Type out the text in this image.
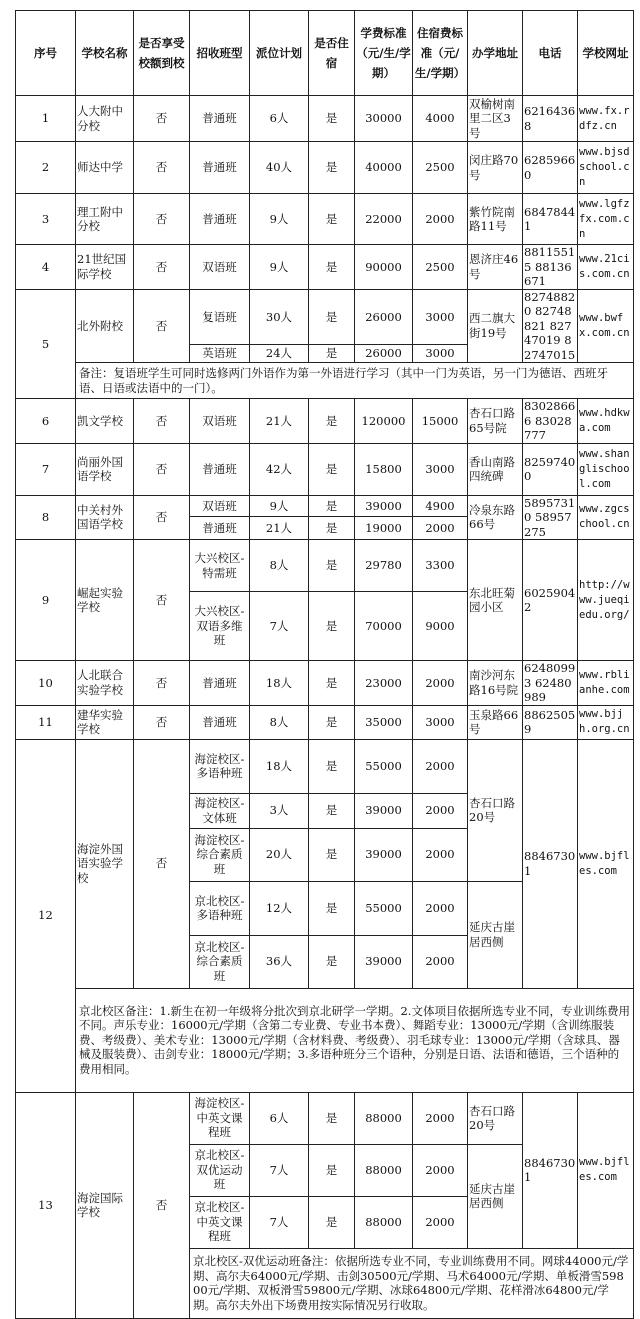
序号	学校名称	是否享受校额到校	招收班型	派位计划	是否住宿	学费标准（元/生/学期）	住宿费标准（元/生/学期）	办学地址	电话	学校网址
1	人大附中分校	否	普通班	6人	是	30000	4000	双榆树南里二区3号	62164368	www.fx.rdfz.cn
2	师达中学	否	普通班	40人	是	40000	2500	闵庄路70号	62859660	www.bjsdschool.cn
3	理工附中分校	否	普通班	9人	是	22000	2000	紫竹院南路11号	68478441	www.lgfzfx.com.cn
4	21世纪国际学校	否	双语班	9人	是	90000	2500	恩济庄46号	88115515 88136671	www.21cis.com.cn
5	北外附校	否	复语班	30人	是	26000	3000	西二旗大街19号	82748820 82748821 82747019 82747015	www.bwfx.com.cn
			英语班	24人	是	26000	3000			
	备注：复语班学生可同时选修两门外语作为第一外语进行学习（其中一门为英语，另一门为德语、西班牙语、日语或法语中的一门）。									
6	凯文学校	否	双语班	21人	是	120000	15000	杏石口路65号院	83028666 83028777	www.hdkwa.com
7	尚丽外国语学校	否	普通班	42人	是	15800	3000	香山南路四统碑	82597400	www.shanglischool.com
8	中关村外国语学校	否	双语班	9人	是	39000	4900	冷泉东路66号	58957310 58957275	www.zgcschool.cn
			普通班	21人	是	19000	2000			
9	崛起实验学校	否	大兴校区-特需班	8人	是	29780	3300	东北旺菊园小区	60259042	http://www.jueqiedu.org/
			大兴校区-双语多维班	7人	是	70000	9000			
10	人北联合实验学校	否	普通班	18人	是	23000	2000	南沙河东路16号院	62480993 62480989	www.rblianhe.com
11	建华实验学校	否	普通班	8人	是	35000	3000	玉泉路66号	88625059	www.bjjh.org.cn
12	海淀外国语实验学校	否	海淀校区-多语种班	18人	是	55000	2000	杏石口路20号	88467301	www.bjfles.com
			海淀校区-文体班	3人	是	39000	2000			
			海淀校区-综合素质班	20人	是	39000	2000			
			京北校区-多语种班	12人	是	55000	2000	延庆古崖居西侧		
			京北校区-综合素质班	36人	是	39000	2000			
	京北校区备注：1.新生在初一年级将分批次到京北研学一学期。2.文体项目依据所选专业不同，专业训练费用不同。声乐专业：16000元/学期（含第二专业费、专业书本费）、舞蹈专业：13000元/学期（含训练服装费、考级费）、美术专业：13000元/学期（含材料费、考级费）、羽毛球专业：13000元/学期（含球具、器械及服装费）、击剑专业：18000元/学期；3.多语种班分三个语种，分别是日语、法语和德语，三个语种的费用相同。									
13	海淀国际学校	否	海淀校区-中英文课程班	6人	是	88000	2000	杏石口路20号	88467301	www.bjfles.com
			京北校区-双优运动班	7人	是	88000	2000	延庆古崖居西侧		
			京北校区-中英文课程班	7人	是	88000	2000			
			京北校区-双优运动班备注：依据所选专业不同，专业训练费用不同。网球44000元/学期、高尔夫64000元/学期、击剑30500元/学期、马术64000元/学期、单板滑雪59800元/学期、双板滑雪59800元/学期、冰球64800元/学期、花样滑冰64800元/学期。高尔夫外出下场费用按实际情况另行收取。							
